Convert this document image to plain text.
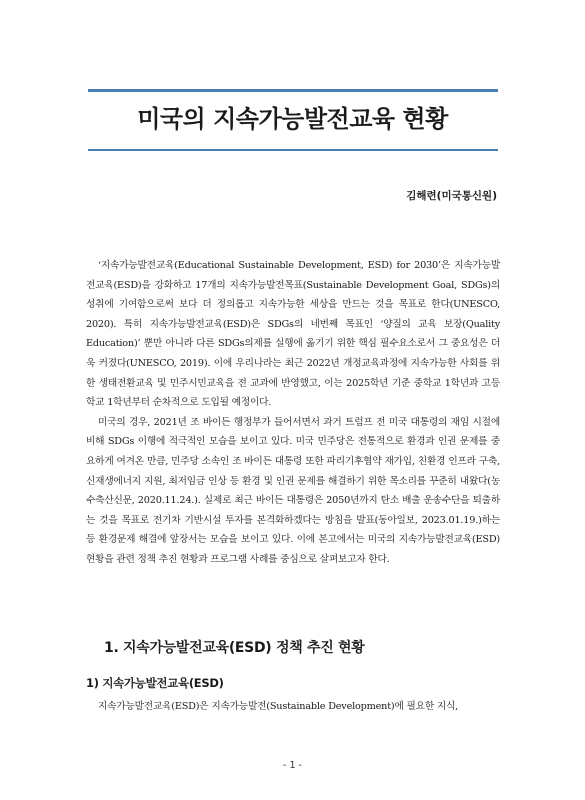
미국의 지속가능발전교육 현황
김해련(미국통신원)

‘지속가능발전교육(Educational Sustainable Development, ESD) for 2030’은 지속가능발전교육(ESD)을 강화하고 17개의 지속가능발전목표(Sustainable Development Goal, SDGs)의 성취에 기여함으로써 보다 더 정의롭고 지속가능한 세상을 만드는 것을 목표로 한다(UNESCO, 2020). 특히 지속가능발전교육(ESD)은 SDGs의 네번째 목표인 ‘양질의 교육 보장(Quality Education)’ 뿐만 아니라 다른 SDGs의제를 실행에 옮기기 위한 핵심 필수요소로서 그 중요성은 더욱 커졌다(UNESCO, 2019). 이에 우리나라는 최근 2022년 개정교육과정에 지속가능한 사회를 위한 생태전환교육 및 민주시민교육을 전 교과에 반영했고, 이는 2025학년 기준 중학교 1학년과 고등학교 1학년부터 순차적으로 도입될 예정이다.

미국의 경우, 2021년 조 바이든 행정부가 들어서면서 과거 트럼프 전 미국 대통령의 재임 시절에 비해 SDGs 이행에 적극적인 모습을 보이고 있다. 미국 민주당은 전통적으로 환경과 인권 문제를 중요하게 여겨온 만큼, 민주당 소속인 조 바이든 대통령 또한 파리기후협약 재가입, 친환경 인프라 구축, 신재생에너지 지원, 최저임금 인상 등 환경 및 인권 문제를 해결하기 위한 목소리를 꾸준히 내왔다(농수축산신문, 2020.11.24.). 실제로 최근 바이든 대통령은 2050년까지 탄소 배출 운송수단을 퇴출하는 것을 목표로 전기차 기반시설 투자를 본격화하겠다는 방침을 발표(동아일보, 2023.01.19.)하는 등 환경문제 해결에 앞장서는 모습을 보이고 있다. 이에 본고에서는 미국의 지속가능발전교육(ESD) 현황을 관련 정책 추진 현황과 프로그램 사례를 중심으로 살펴보고자 한다.

1. 지속가능발전교육(ESD) 정책 추진 현황
1) 지속가능발전교육(ESD)
지속가능발전교육(ESD)은 지속가능발전(Sustainable Development)에 필요한 지식,
- 1 -
